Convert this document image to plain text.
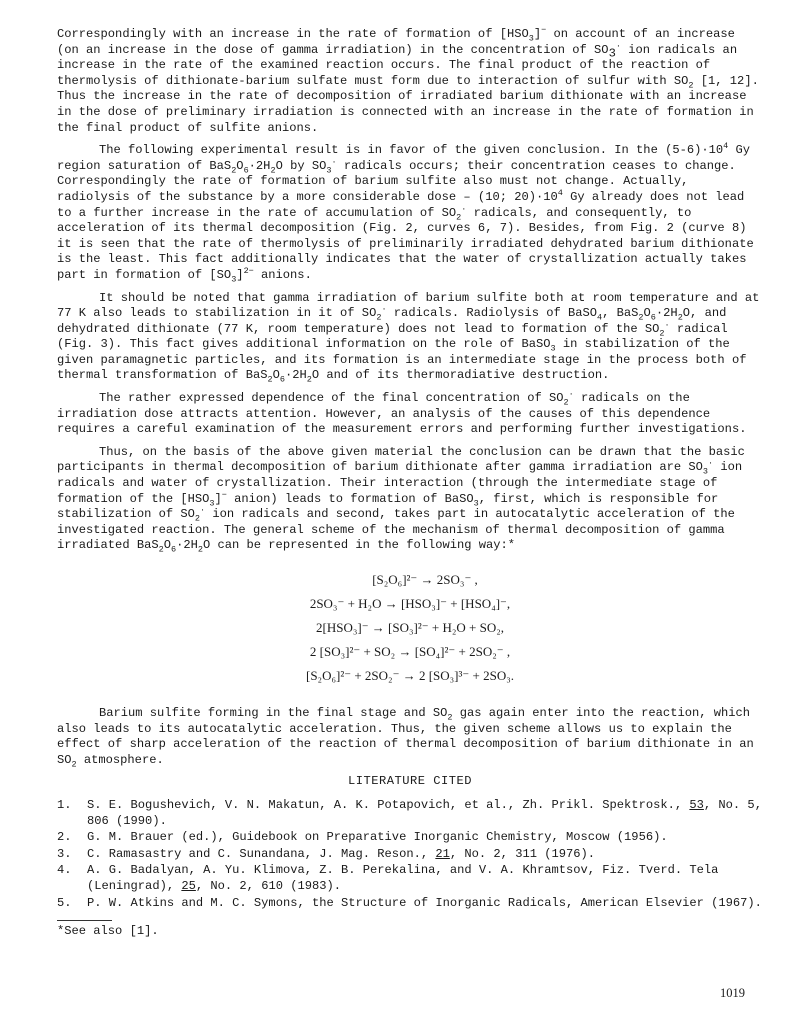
Correspondingly with an increase in the rate of formation of $[HSO_3]^-$ on account of an increase (on an increase in the dose of gamma irradiation) in the concentration of $SO_3^\cdot$ ion radicals an increase in the rate of the examined reaction occurs. The final product of the reaction of thermolysis of dithionate-barium sulfate must form due to interaction of sulfur with $SO_2$ [1, 12]. Thus the increase in the rate of decomposition of irradiated barium dithionate with an increase in the dose of preliminary irradiation is connected with an increase in the rate of formation in the final product of sulfite anions.

The following experimental result is in favor of the given conclusion. In the $(5-6)\cdot 10^4$ Gy region saturation of $BaS_2O_6\cdot 2H_2O$ by $SO_3^\cdot$ radicals occurs; their concentration ceases to change. Correspondingly the rate of formation of barium sulfite also must not change. Actually, radiolysis of the substance by a more considerable dose – (10; $20)\cdot 10^4$ Gy already does not lead to a further increase in the rate of accumulation of $SO_2^\cdot$ radicals, and consequently, to acceleration of its thermal decomposition (Fig. 2, curves 6, 7). Besides, from Fig. 2 (curve 8) it is seen that the rate of thermolysis of preliminarily irradiated dehydrated barium dithionate is the least. This fact additionally indicates that the water of crystallization actually takes part in formation of $[SO_3]^{2-}$ anions.

It should be noted that gamma irradiation of barium sulfite both at room temperature and at 77 K also leads to stabilization in it of $SO_2^\cdot$ radicals. Radiolysis of BaSO$_4$, $BaS_2O_6\cdot 2H_2O$, and dehydrated dithionate (77 K, room temperature) does not lead to formation of the $SO_2^\cdot$ radical (Fig. 3). This fact gives additional information on the role of BaSO$_3$ in stabilization of the given paramagnetic particles, and its formation is an intermediate stage in the process both of thermal transformation of $BaS_2O_6\cdot 2H_2O$ and of its thermoradiative destruction.

The rather expressed dependence of the final concentration of $SO_2^\cdot$ radicals on the irradiation dose attracts attention. However, an analysis of the causes of this dependence requires a careful examination of the measurement errors and performing further investigations.

Thus, on the basis of the above given material the conclusion can be drawn that the basic participants in thermal decomposition of barium dithionate after gamma irradiation are $SO_3^\cdot$ ion radicals and water of crystallization. Their interaction (through the intermediate stage of formation of the $[HSO_3]^-$ anion) leads to formation of BaSO$_3$, first, which is responsible for stabilization of $SO_2^\cdot$ ion radicals and second, takes part in autocatalytic acceleration of the investigated reaction. The general scheme of the mechanism of thermal decomposition of gamma irradiated $BaS_2O_6\cdot 2H_2O$ can be represented in the following way:*

[S₂O₆]²⁻ → 2SO₃⁻ ,
2SO₃⁻ + H₂O → [HSO₃]⁻ + [HSO₄]⁻,
2[HSO₃]⁻ → [SO₃]²⁻ + H₂O + SO₂,
2 [SO₃]²⁻ + SO₂ → [SO₄]²⁻ + 2SO₂⁻ ,
[S₂O₆]²⁻ + 2SO₂⁻ → 2 [SO₃]³⁻ + 2SO₃.

Barium sulfite forming in the final stage and $SO_2$ gas again enter into the reaction, which also leads to its autocatalytic acceleration. Thus, the given scheme allows us to explain the effect of sharp acceleration of the reaction of thermal decomposition of barium dithionate in an $SO_2$ atmosphere.

LITERATURE CITED
1.	S. E. Bogushevich, V. N. Makatun, A. K. Potapovich, et al., Zh. Prikl. Spektrosk., 53, No. 5, 806 (1990).
2.	G. M. Brauer (ed.), Guidebook on Preparative Inorganic Chemistry, Moscow (1956).
3.	C. Ramasastry and C. Sunandana, J. Mag. Reson., 21, No. 2, 311 (1976).
4.	A. G. Badalyan, A. Yu. Klimova, Z. B. Perekalina, and V. A. Khramtsov, Fiz. Tverd. Tela (Leningrad), 25, No. 2, 610 (1983).
5.	P. W. Atkins and M. C. Symons, the Structure of Inorganic Radicals, American Elsevier (1967).
*See also [1].
1019
